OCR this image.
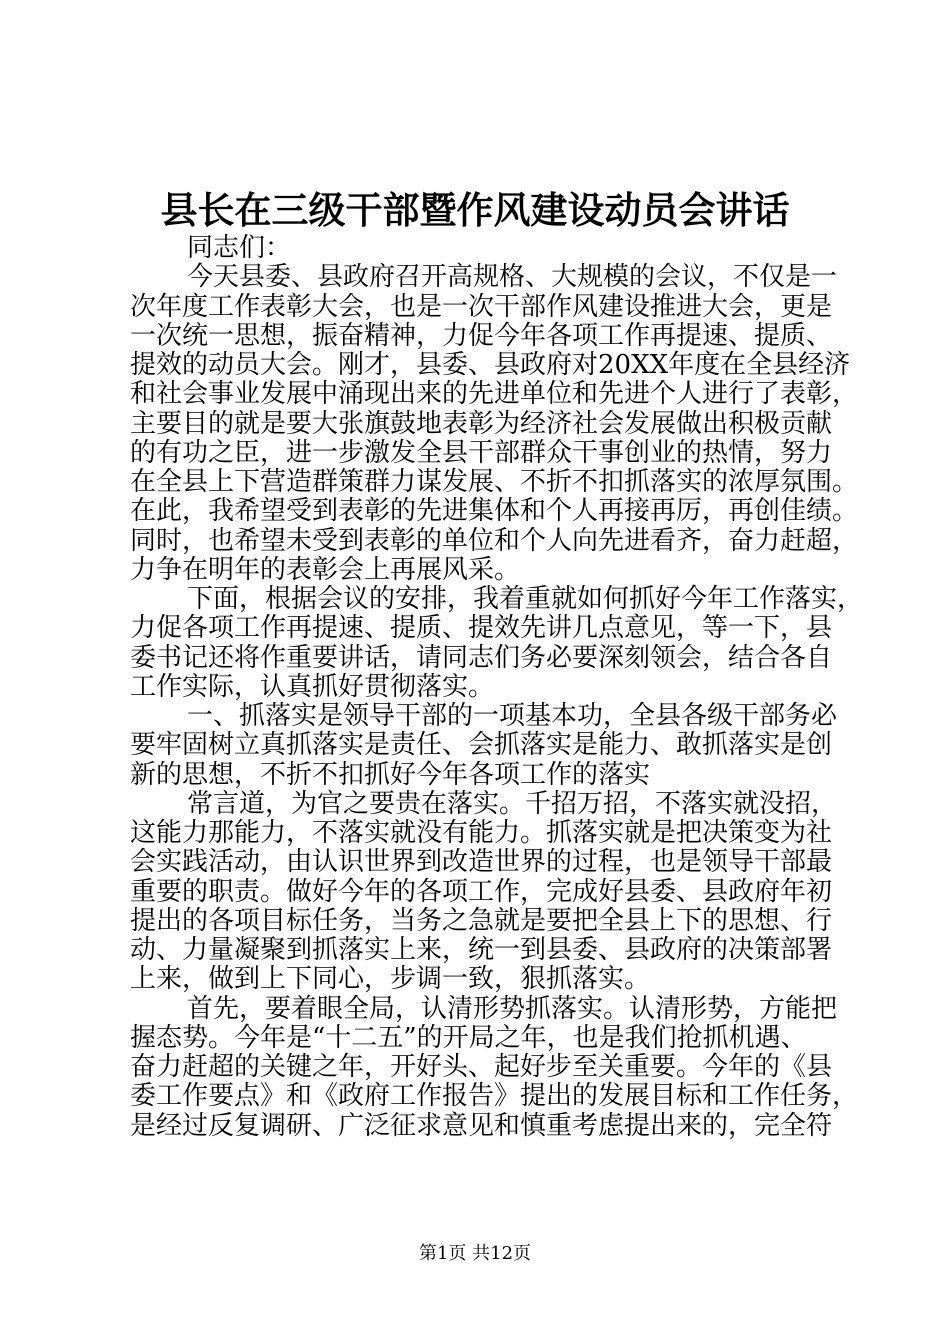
县长在三级干部暨作风建设动员会讲话
同志们：
今天县委、县政府召开高规格、大规模的会议，不仅是一
次年度工作表彰大会，也是一次干部作风建设推进大会，更是
一次统一思想，振奋精神，力促今年各项工作再提速、提质、
提效的动员大会。刚才，县委、县政府对20XX年度在全县经济
和社会事业发展中涌现出来的先进单位和先进个人进行了表彰，
主要目的就是要大张旗鼓地表彰为经济社会发展做出积极贡献
的有功之臣，进一步激发全县干部群众干事创业的热情，努力
在全县上下营造群策群力谋发展、不折不扣抓落实的浓厚氛围。
在此，我希望受到表彰的先进集体和个人再接再厉，再创佳绩。
同时，也希望未受到表彰的单位和个人向先进看齐，奋力赶超，
力争在明年的表彰会上再展风采。
下面，根据会议的安排，我着重就如何抓好今年工作落实，
力促各项工作再提速、提质、提效先讲几点意见，等一下，县
委书记还将作重要讲话，请同志们务必要深刻领会，结合各自
工作实际，认真抓好贯彻落实。
一、抓落实是领导干部的一项基本功，全县各级干部务必
要牢固树立真抓落实是责任、会抓落实是能力、敢抓落实是创
新的思想，不折不扣抓好今年各项工作的落实
常言道，为官之要贵在落实。千招万招，不落实就没招，
这能力那能力，不落实就没有能力。抓落实就是把决策变为社
会实践活动，由认识世界到改造世界的过程，也是领导干部最
重要的职责。做好今年的各项工作，完成好县委、县政府年初
提出的各项目标任务，当务之急就是要把全县上下的思想、行
动、力量凝聚到抓落实上来，统一到县委、县政府的决策部署
上来，做到上下同心，步调一致，狠抓落实。
首先，要着眼全局，认清形势抓落实。认清形势，方能把
握态势。今年是“十二五”的开局之年，也是我们抢抓机遇、
奋力赶超的关键之年，开好头、起好步至关重要。今年的《县
委工作要点》和《政府工作报告》提出的发展目标和工作任务，
是经过反复调研、广泛征求意见和慎重考虑提出来的，完全符
第1页 共12页
